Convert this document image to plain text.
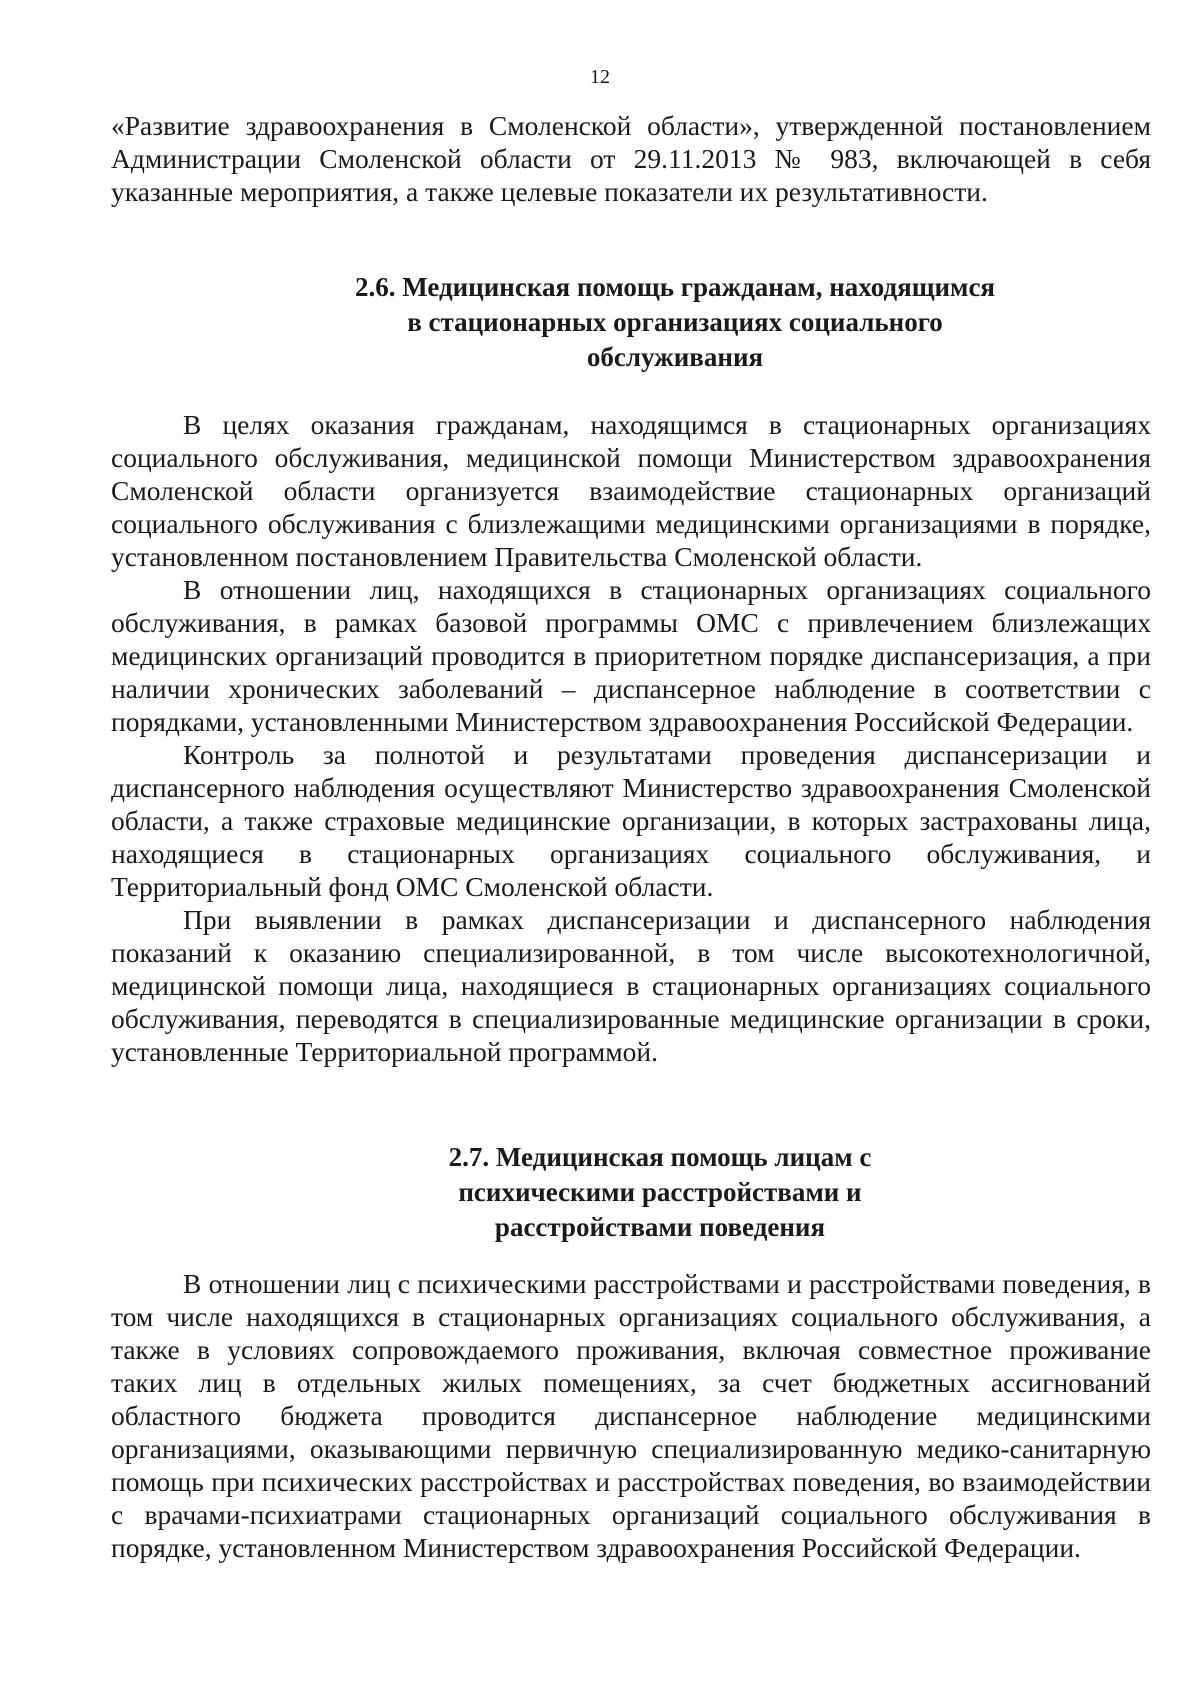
12

«Развитие здравоохранения в Смоленской области», утвержденной постановлением Администрации Смоленской области от 29.11.2013 № 983, включающей в себя указанные мероприятия, а также целевые показатели их результативности.

2.6. Медицинская помощь гражданам, находящимся
в стационарных организациях социального
обслуживания

В целях оказания гражданам, находящимся в стационарных организациях социального обслуживания, медицинской помощи Министерством здравоохранения Смоленской области организуется взаимодействие стационарных организаций социального обслуживания с близлежащими медицинскими организациями в порядке, установленном постановлением Правительства Смоленской области.

В отношении лиц, находящихся в стационарных организациях социального обслуживания, в рамках базовой программы ОМС с привлечением близлежащих медицинских организаций проводится в приоритетном порядке диспансеризация, а при наличии хронических заболеваний – диспансерное наблюдение в соответствии с порядками, установленными Министерством здравоохранения Российской Федерации.

Контроль за полнотой и результатами проведения диспансеризации и диспансерного наблюдения осуществляют Министерство здравоохранения Смоленской области, а также страховые медицинские организации, в которых застрахованы лица, находящиеся в стационарных организациях социального обслуживания, и Территориальный фонд ОМС Смоленской области.

При выявлении в рамках диспансеризации и диспансерного наблюдения показаний к оказанию специализированной, в том числе высокотехнологичной, медицинской помощи лица, находящиеся в стационарных организациях социального обслуживания, переводятся в специализированные медицинские организации в сроки, установленные Территориальной программой.

2.7. Медицинская помощь лицам с
психическими расстройствами и
расстройствами поведения

В отношении лиц с психическими расстройствами и расстройствами поведения, в том числе находящихся в стационарных организациях социального обслуживания, а также в условиях сопровождаемого проживания, включая совместное проживание таких лиц в отдельных жилых помещениях, за счет бюджетных ассигнований областного бюджета проводится диспансерное наблюдение медицинскими организациями, оказывающими первичную специализированную медико-санитарную помощь при психических расстройствах и расстройствах поведения, во взаимодействии с врачами-психиатрами стационарных организаций социального обслуживания в порядке, установленном Министерством здравоохранения Российской Федерации.
